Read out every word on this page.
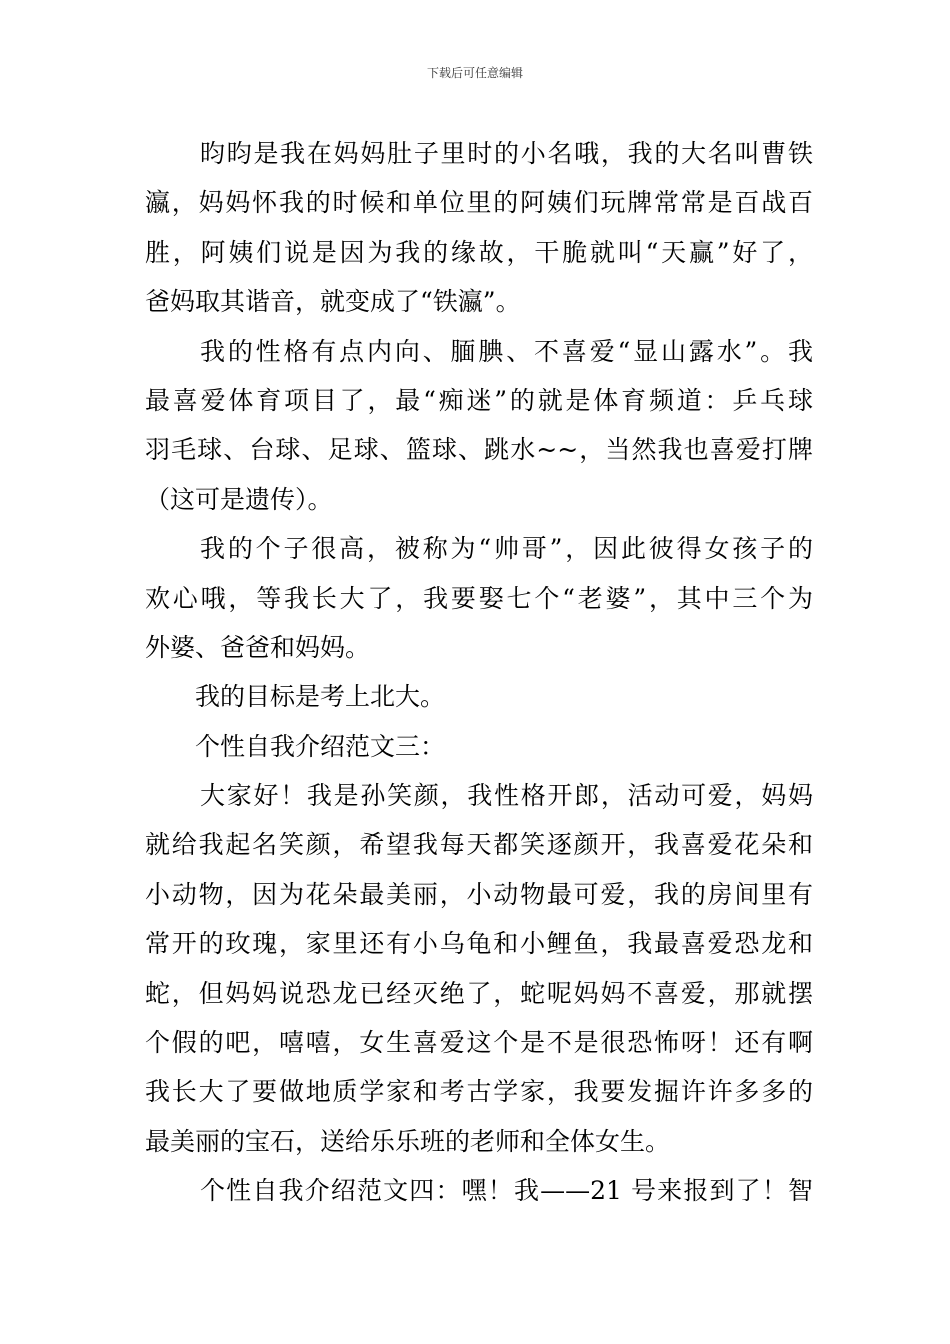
下载后可任意编辑
昀昀是我在妈妈肚子里时的小名哦，我的大名叫曹铁
瀛，妈妈怀我的时候和单位里的阿姨们玩牌常常是百战百
胜，阿姨们说是因为我的缘故，干脆就叫“天赢”好了，
爸妈取其谐音，就变成了“铁瀛”。
我的性格有点内向、腼腆、不喜爱“显山露水”。我
最喜爱体育项目了，最“痴迷”的就是体育频道：乒乓球
羽毛球、台球、足球、篮球、跳水~~，当然我也喜爱打牌
（这可是遗传）。
我的个子很高，被称为“帅哥”，因此彼得女孩子的
欢心哦，等我长大了，我要娶七个“老婆”，其中三个为
外婆、爸爸和妈妈。
我的目标是考上北大。
个性自我介绍范文三：
大家好！我是孙笑颜，我性格开郎，活动可爱，妈妈
就给我起名笑颜，希望我每天都笑逐颜开，我喜爱花朵和
小动物，因为花朵最美丽，小动物最可爱，我的房间里有
常开的玫瑰，家里还有小乌龟和小鲤鱼，我最喜爱恐龙和
蛇，但妈妈说恐龙已经灭绝了，蛇呢妈妈不喜爱，那就摆
个假的吧，嘻嘻，女生喜爱这个是不是很恐怖呀！还有啊
我长大了要做地质学家和考古学家，我要发掘许许多多的
最美丽的宝石，送给乐乐班的老师和全体女生。
个性自我介绍范文四：嘿！我——21 号来报到了！智
